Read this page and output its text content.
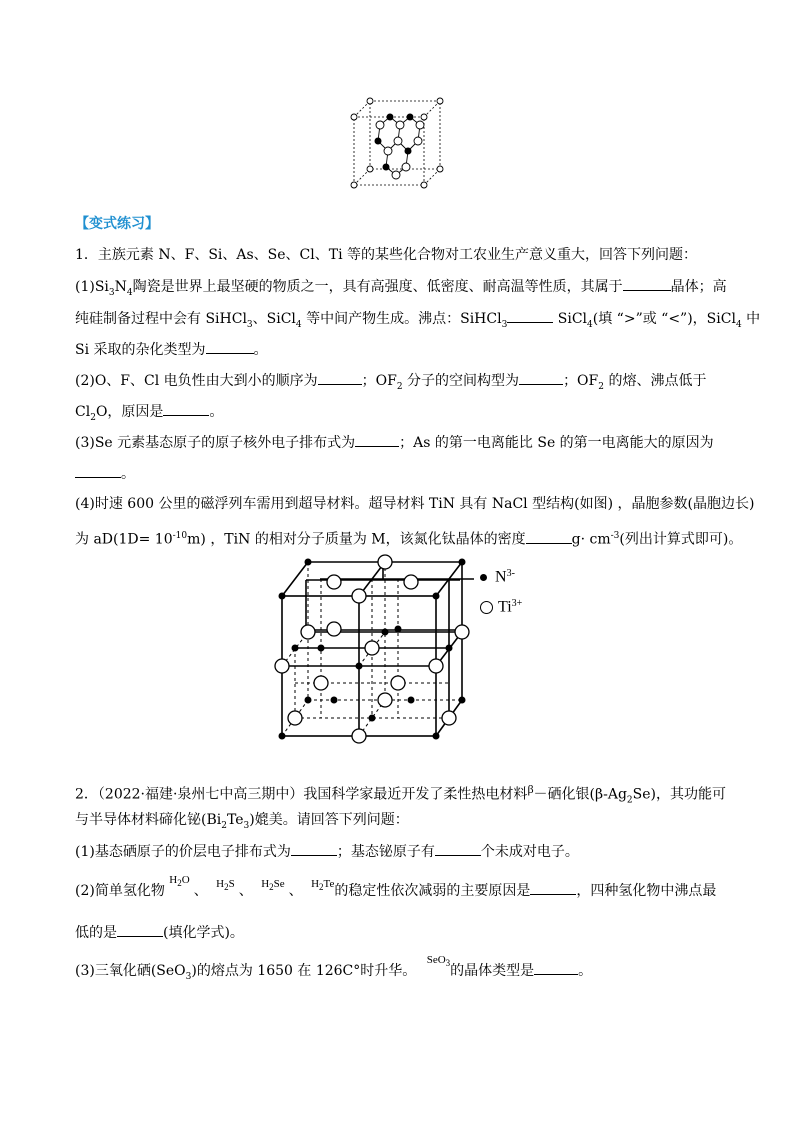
【变式练习】
1．主族元素 N、F、Si、As、Se、Cl、Ti 等的某些化合物对工农业生产意义重大，回答下列问题：
$(1)Si_3N_4$陶瓷是世界上最坚硬的物质之一，具有高强度、低密度、耐高温等性质，其属于	晶体；高
纯硅制备过程中会有 SiHCl$_3$、SiCl$_4$ 等中间产物生成。沸点：SiHCl$_3$	SiCl$_4$(填 “>”或 “<”)，SiCl$_4$ 中
Si 采取的杂化类型为	。
(2)O、F、Cl 电负性由大到小的顺序为	；$OF_2$ 分子的空间构型为	；$OF_2$ 的熔、沸点低于
$Cl_2O$，原因是	。
(3)Se 元素基态原子的原子核外电子排布式为	；As 的第一电离能比 Se 的第一电离能大的原因为
。
(4)时速 600 公里的磁浮列车需用到超导材料。超导材料 TiN 具有 NaCl 型结构(如图) ，晶胞参数(晶胞边长)
为 $aD(1D= 10^{-10}m)$ ，TiN 的相对分子质量为 M，该氮化钛晶体的密度	$g\cdot cm^{-3}$(列出计算式即可)。
$N^{3-}$
$Ti^{3+}$
2．（2022·福建·泉州七中高三期中）我国科学家最近开发了柔性热电材料$^\beta$－硒化银$(\beta-Ag_2Se)$，其功能可
与半导体材料碲化铋$(Bi_2Te_3)$媲美。请回答下列问题：
(1)基态硒原子的价层电子排布式为	；基态铋原子有	个未成对电子。
(2)简单氢化物 $^{H_2O}$、 $^{H_2S}$ 、 $^{H_2Se}$ 、 $^{H_2Te}$的稳定性依次减弱的主要原因是	，四种氢化物中沸点最
低的是	(填化学式)。
(3)三氧化硒(SeO$_3$)的熔点为 1650 在 126C°时升华。 $^{SeO_3}$的晶体类型是	。
